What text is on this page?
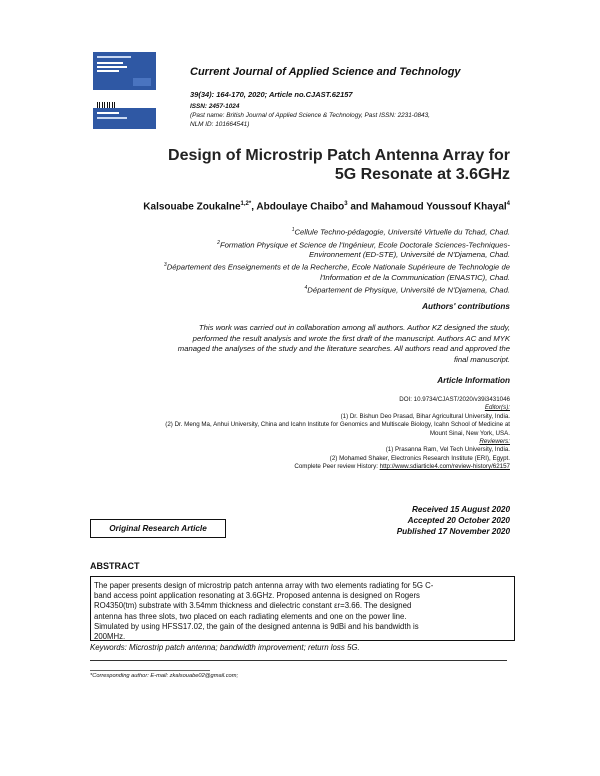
Current Journal of Applied Science and Technology
39(34): 164-170, 2020; Article no.CJAST.62157
ISSN: 2457-1024
(Past name: British Journal of Applied Science & Technology, Past ISSN: 2231-0843,
NLM ID: 101664541)
Design of Microstrip Patch Antenna Array for
5G Resonate at 3.6GHz
Kalsouabe Zoukalne$^{1,2*}$, Abdoulaye Chaibo$^3$ and Mahamoud Youssouf Khayal$^4$
$^1$Cellule Techno-pédagogie, Université Virtuelle du Tchad, Chad.
$^2$Formation Physique et Science de l'Ingénieur, Ecole Doctorale Sciences-Techniques-
Environnement (ED-STE), Université de N'Djamena, Chad.
$^3$Département des Enseignements et de la Recherche, Ecole Nationale Supérieure de Technologie de
l'Information et de la Communication (ENASTIC), Chad.
$^4$Département de Physique, Université de N'Djamena, Chad.
Authors' contributions
This work was carried out in collaboration among all authors. Author KZ designed the study,
performed the result analysis and wrote the first draft of the manuscript. Authors AC and MYK
managed the analyses of the study and the literature searches. All authors read and approved the
final manuscript.
Article Information
DOI: 10.9734/CJAST/2020/v39i3431046
Editor(s):
(1) Dr. Bishun Deo Prasad, Bihar Agricultural University, India.
(2) Dr. Meng Ma, Anhui University, China and Icahn Institute for Genomics and Multiscale Biology, Icahn School of Medicine at
Mount Sinai, New York, USA.
Reviewers:
(1) Prasanna Ram, Vel Tech University, India.
(2) Mohamed Shaker, Electronics Research Institute (ERI), Egypt.
Complete Peer review History: http://www.sdiarticle4.com/review-history/62157
Original Research Article
Received 15 August 2020
Accepted 20 October 2020
Published 17 November 2020
ABSTRACT

The paper presents design of microstrip patch antenna array with two elements radiating for 5G C-

band access point application resonating at 3.6GHz. Proposed antenna is designed on Rogers

RO4350(tm) substrate with 3.54mm thickness and dielectric constant εr=3.66. The designed

antenna has three slots, two placed on each radiating elements and one on the power line.

Simulated by using HFSS17.02, the gain of the designed antenna is 9dBi and his bandwidth is

200MHz.

Keywords: Microstrip patch antenna; bandwidth improvement; return loss 5G.
*Corresponding author: E-mail: zkalsouabe02@gmail.com;
